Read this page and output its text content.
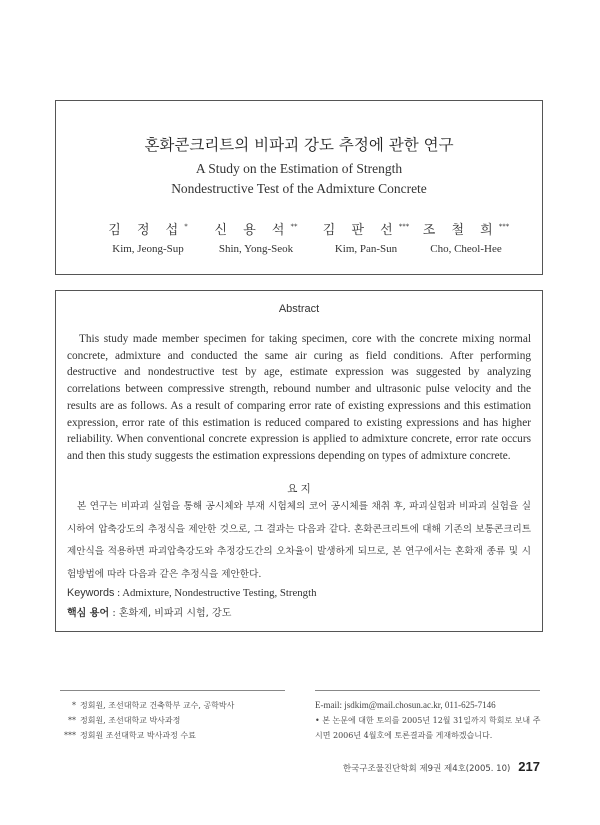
혼화콘크리트의 비파괴 강도 추정에 관한 연구
A Study on the Estimation of Strength
Nondestructive Test of the Admixture Concrete
김 정 섭*
Kim, Jeong-Sup
신 용 석**
Shin, Yong-Seok
김 판 선***
Kim, Pan-Sun
조 철 희***
Cho, Cheol-Hee
Abstract

This study made member specimen for taking specimen, core with the concrete mixing normal concrete, admixture and conducted the same air curing as field conditions. After performing destructive and nondestructive test by age, estimate expression was suggested by analyzing correlations between compressive strength, rebound number and ultrasonic pulse velocity and the results are as follows. As a result of comparing error rate of existing expressions and this estimation expression, error rate of this estimation is reduced compared to existing expressions and has higher reliability. When conventional concrete expression is applied to admixture concrete, error rate occurs and then this study suggests the estimation expressions depending on types of admixture concrete.

요 지

본 연구는 비파괴 실험을 통해 공시체와 부재 시험체의 코어 공시체를 채취 후, 파괴실험과 비파괴 실험을 실시하여 압축강도의 추정식을 제안한 것으로, 그 결과는 다음과 같다. 혼화콘크리트에 대해 기존의 보통콘크리트 제안식을 적용하면 파괴압축강도와 추정강도간의 오차율이 발생하게 되므로, 본 연구에서는 혼화재 종류 및 시험방법에 따라 다음과 같은 추정식을 제안한다.

Keywords : Admixture, Nondestructive Testing, Strength
핵심 용어 : 혼화제, 비파괴 시험, 강도
* 정회원, 조선대학교 건축학부 교수, 공학박사
** 정회원, 조선대학교 박사과정
*** 정회원 조선대학교 박사과정 수료
E-mail: jsdkim@mail.chosun.ac.kr, 011-625-7146
• 본 논문에 대한 토의를 2005년 12월 31일까지 학회로 보내 주시면 2006년 4월호에 토론결과를 게재하겠습니다.
한국구조물진단학회 제9권 제4호(2005. 10) 217
